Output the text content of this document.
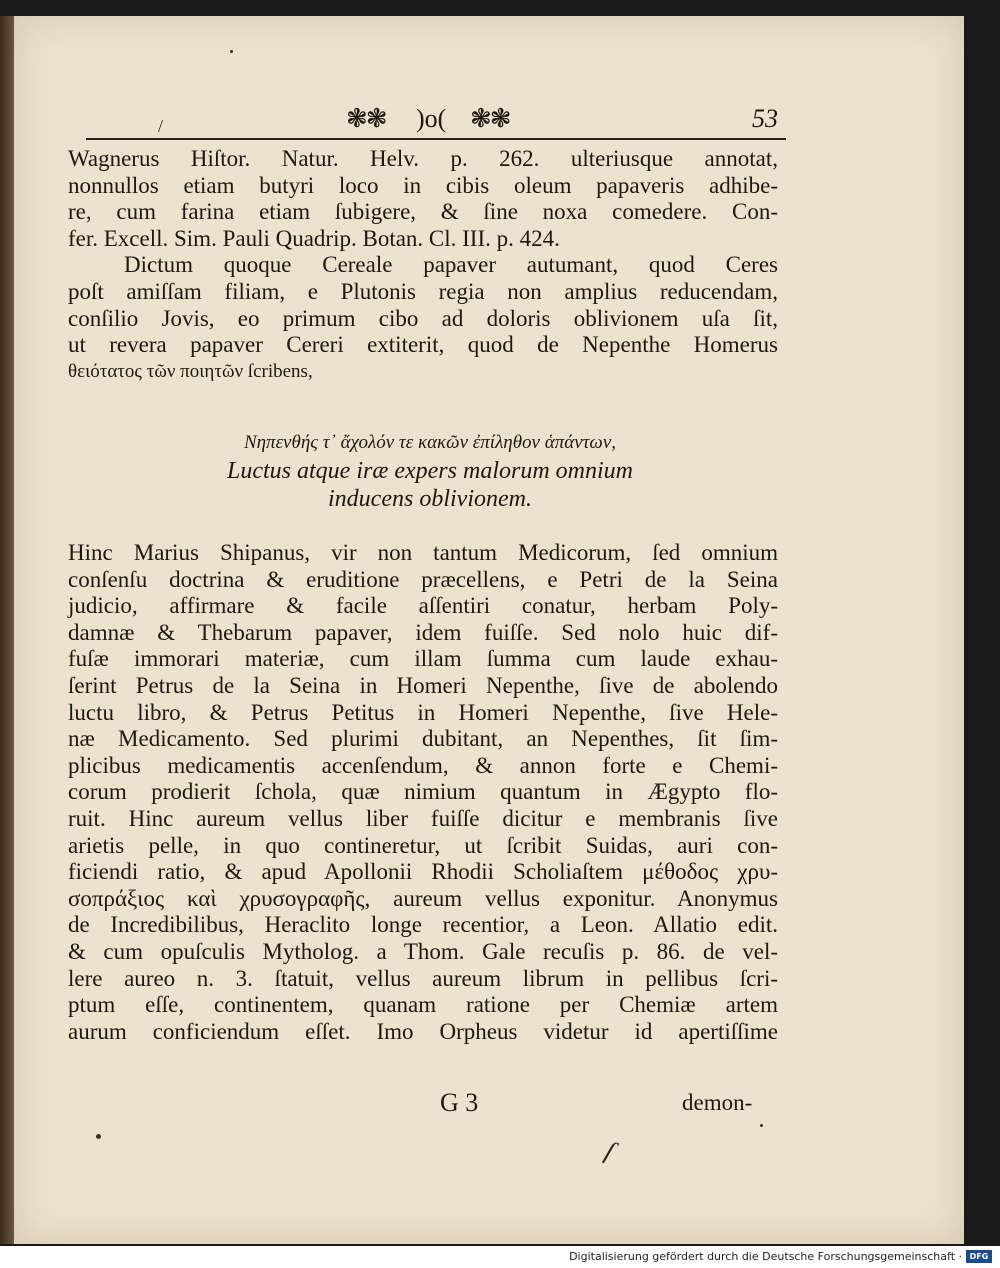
/	❃❃ )o( ❃❃	53
Wagnerus Hiſtor. Natur. Helv. p. 262. ulteriusque annotat,
nonnullos etiam butyri loco in cibis oleum papaveris adhibe-
re, cum farina etiam ſubigere, & ſine noxa comedere. Con-
fer. Excell. Sim. Pauli Quadrip. Botan. Cl. III. p. 424.
Dictum quoque Cereale papaver autumant, quod Ceres
poſt amiſſam filiam, e Plutonis regia non amplius reducendam,
conſilio Jovis, eo primum cibo ad doloris oblivionem uſa ſit,
ut revera papaver Cereri extiterit, quod de Nepenthe Homerus
θειότατος τῶν ποιητῶν ſcribens,
Νηπενθής τ᾽ ἄχολόν τε κακῶν ἐπίληθον ἁπάντων,
Luctus atque iræ expers malorum omnium
inducens oblivionem.
Hinc Marius Shipanus, vir non tantum Medicorum, ſed omnium
conſenſu doctrina & eruditione præcellens, e Petri de la Seina
judicio, affirmare & facile aſſentiri conatur, herbam Poly-
damnæ & Thebarum papaver, idem fuiſſe. Sed nolo huic dif-
fuſæ immorari materiæ, cum illam ſumma cum laude exhau-
ſerint Petrus de la Seina in Homeri Nepenthe, ſive de abolendo
luctu libro, & Petrus Petitus in Homeri Nepenthe, ſive Hele-
næ Medicamento. Sed plurimi dubitant, an Nepenthes, ſit ſim-
plicibus medicamentis accenſendum, & annon forte e Chemi-
corum prodierit ſchola, quæ nimium quantum in Ægypto flo-
ruit. Hinc aureum vellus liber fuiſſe dicitur e membranis ſive
arietis pelle, in quo contineretur, ut ſcribit Suidas, auri con-
ficiendi ratio, & apud Apollonii Rhodii Scholiaſtem μέθοδος χρυ-
σοπράξιος καὶ χρυσογραφῆς, aureum vellus exponitur. Anonymus
de Incredibilibus, Heraclito longe recentior, a Leon. Allatio edit.
& cum opuſculis Mytholog. a Thom. Gale recuſis p. 86. de vel-
lere aureo n. 3. ſtatuit, vellus aureum librum in pellibus ſcri-
ptum eſſe, continentem, quanam ratione per Chemiæ artem
aurum conficiendum eſſet. Imo Orpheus videtur id apertiſſime
G 3	demon-
ſ
Digitalisierung gefördert durch die Deutsche Forschungsgemeinschaft · DFG
